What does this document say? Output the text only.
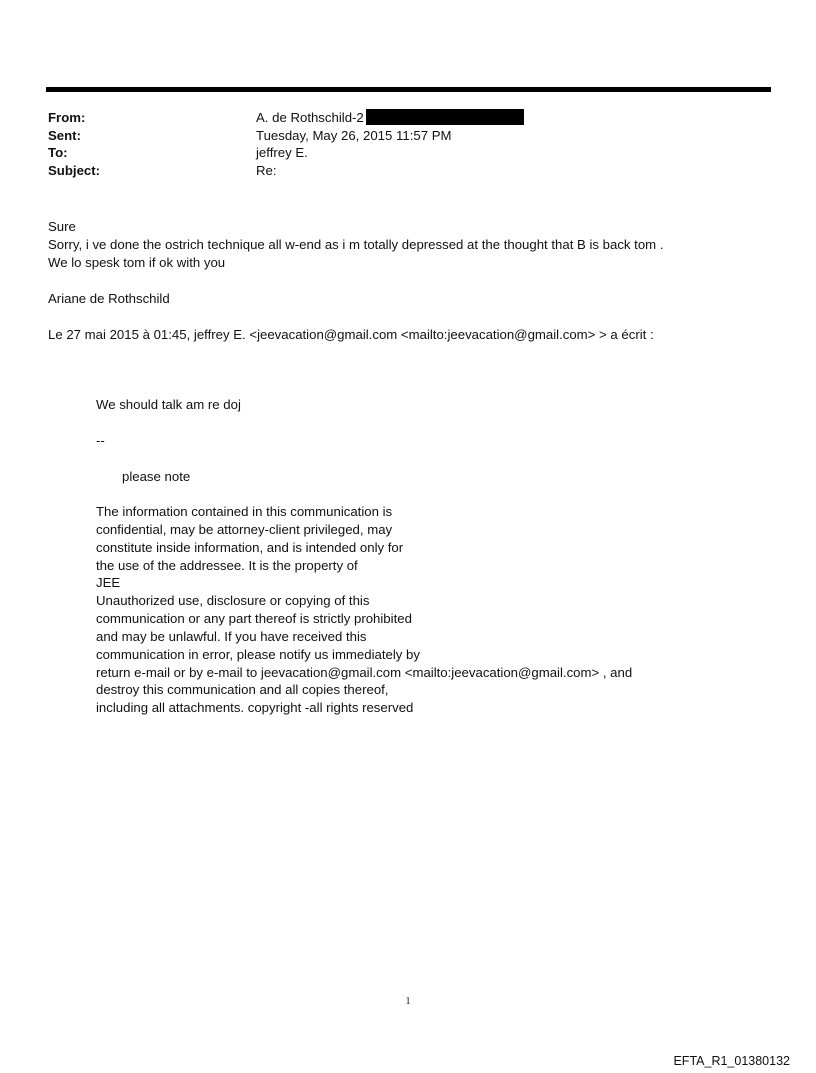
From:	A. de Rothschild-2
Sent:	Tuesday, May 26, 2015 11:57 PM
To:	jeffrey E.
Subject:	Re:

Sure

Sorry, i ve done the ostrich technique all w-end as i m totally depressed at the thought that B is back tom .

We lo spesk tom if ok with you

Ariane de Rothschild

Le 27 mai 2015 à 01:45, jeffrey E. <jeevacation@gmail.com <mailto:jeevacation@gmail.com> > a écrit :

We should talk am re doj

--

please note

The information contained in this communication is

confidential, may be attorney-client privileged, may

constitute inside information, and is intended only for

the use of the addressee. It is the property of

JEE

Unauthorized use, disclosure or copying of this

communication or any part thereof is strictly prohibited

and may be unlawful. If you have received this

communication in error, please notify us immediately by

return e-mail or by e-mail to jeevacation@gmail.com <mailto:jeevacation@gmail.com> , and

destroy this communication and all copies thereof,

including all attachments. copyright -all rights reserved

1
EFTA_R1_01380132
